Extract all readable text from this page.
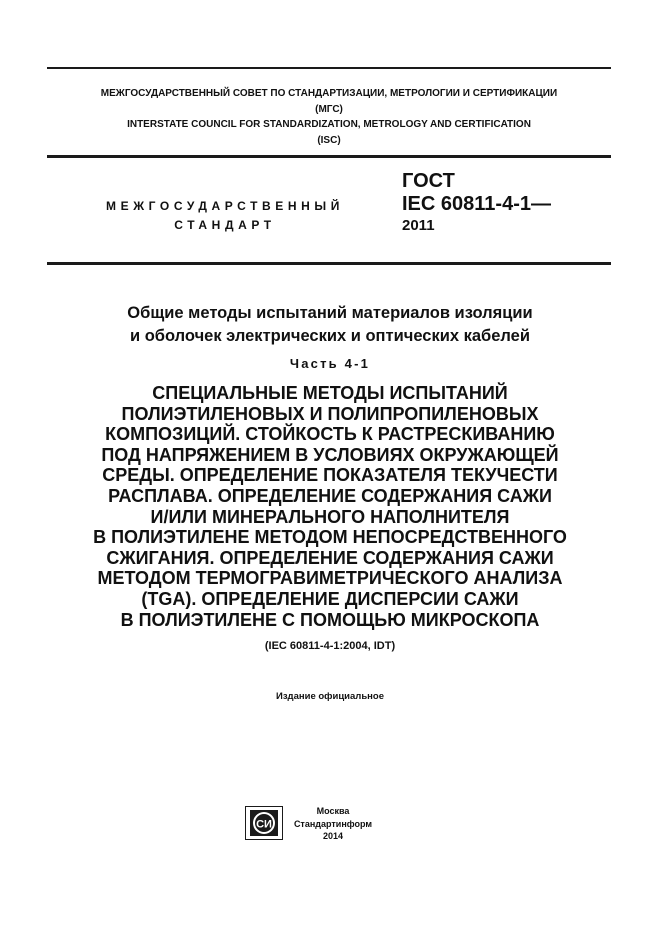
МЕЖГОСУДАРСТВЕННЫЙ СОВЕТ ПО СТАНДАРТИЗАЦИИ, МЕТРОЛОГИИ И СЕРТИФИКАЦИИ
(МГС)
INTERSTATE COUNCIL FOR STANDARDIZATION, METROLOGY AND CERTIFICATION
(ISC)
МЕЖГОСУДАРСТВЕННЫЙ
СТАНДАРТ
ГОСТ
IEC 60811-4-1—
2011
Общие методы испытаний материалов изоляции
и оболочек электрических и оптических кабелей
Часть 4-1
СПЕЦИАЛЬНЫЕ МЕТОДЫ ИСПЫТАНИЙ
ПОЛИЭТИЛЕНОВЫХ И ПОЛИПРОПИЛЕНОВЫХ
КОМПОЗИЦИЙ. СТОЙКОСТЬ К РАСТРЕСКИВАНИЮ
ПОД НАПРЯЖЕНИЕМ В УСЛОВИЯХ ОКРУЖАЮЩЕЙ
СРЕДЫ. ОПРЕДЕЛЕНИЕ ПОКАЗАТЕЛЯ ТЕКУЧЕСТИ
РАСПЛАВА. ОПРЕДЕЛЕНИЕ СОДЕРЖАНИЯ САЖИ
И/ИЛИ МИНЕРАЛЬНОГО НАПОЛНИТЕЛЯ
В ПОЛИЭТИЛЕНЕ МЕТОДОМ НЕПОСРЕДСТВЕННОГО
СЖИГАНИЯ. ОПРЕДЕЛЕНИЕ СОДЕРЖАНИЯ САЖИ
МЕТОДОМ ТЕРМОГРАВИМЕТРИЧЕСКОГО АНАЛИЗА
(TGA). ОПРЕДЕЛЕНИЕ ДИСПЕРСИИ САЖИ
В ПОЛИЭТИЛЕНЕ С ПОМОЩЬЮ МИКРОСКОПА
(IEC 60811-4-1:2004, IDT)
Издание официальное
СИ
Москва
Стандартинформ
2014
